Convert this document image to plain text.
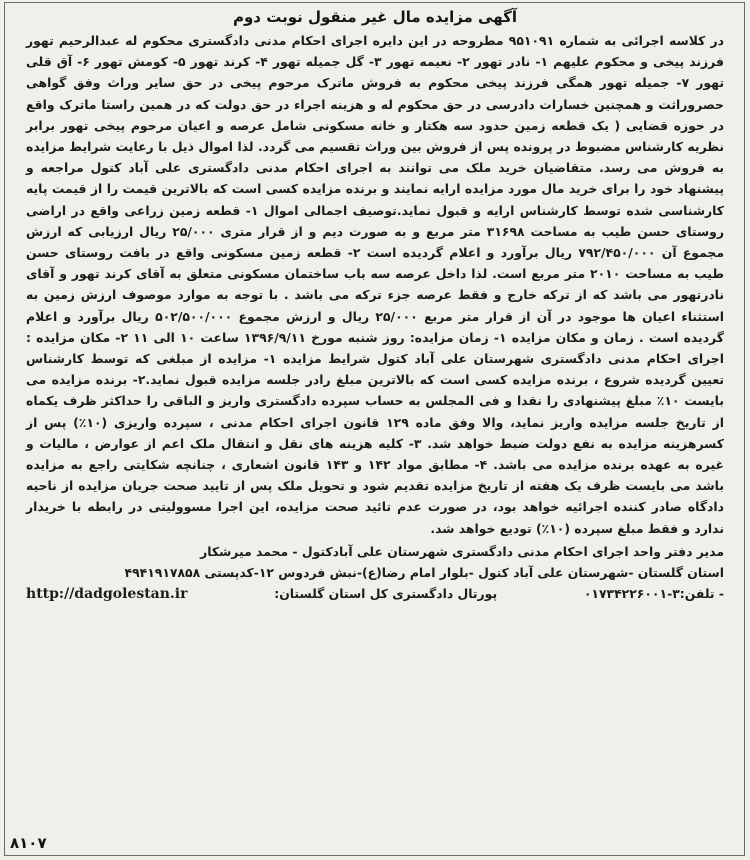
آگهی مزایده مال غیر منقول نوبت دوم

در کلاسه اجرائی به شماره ۹۵۱۰۹۱ مطروحه در این دایره اجرای احکام مدنی دادگستری محکوم له عبدالرحیم تهور فرزند پیخی و محکوم علیهم ۱- نادر تهور ۲- نعیمه تهور ۳- گل جمیله تهور ۴- کرند تهور ۵- کومش تهور ۶- آق قلی تهور ۷- جمیله تهور همگی فرزند پیخی محکوم به فروش ماترک مرحوم پیخی در حق سایر وراث وفق گواهی حصروراثت و همچنین خسارات دادرسی در حق محکوم له و هزینه اجراء در حق دولت که در همین راستا ماترک واقع در حوزه قضایی ( یک قطعه زمین حدود سه هکتار و خانه مسکونی شامل عرصه و اعیان مرحوم پیخی تهور برابر نظریه کارشناس مضبوط در پرونده پس از فروش بین وراث تقسیم می گردد. لذا اموال ذیل با رعایت شرایط مزایده به فروش می رسد. متقاضیان خرید ملک می توانند به اجرای احکام مدنی دادگستری علی آباد کتول مراجعه و پیشنهاد خود را برای خرید مال مورد مزایده ارایه نمایند و برنده مزایده کسی است که بالاترین قیمت را از قیمت پایه کارشناسی شده توسط کارشناس ارایه و قبول نماید.توصیف اجمالی اموال ۱- قطعه زمین زراعی واقع در اراضی روستای حسن طیب به مساحت ۳۱۶۹۸ متر مربع و به صورت دیم و از قرار متری ۲۵/۰۰۰ ریال ارزیابی که ارزش مجموع آن ۷۹۲/۴۵۰/۰۰۰ ریال برآورد و اعلام گردیده است ۲- قطعه زمین مسکونی واقع در بافت روستای حسن طیب به مساحت ۲۰۱۰ متر مربع است. لذا داخل عرصه سه باب ساختمان مسکونی متعلق به آقای کرند تهور و آقای نادرتهور می باشد که از ترکه خارج و فقط عرصه جزء ترکه می باشد . با توجه به موارد موصوف ارزش زمین به استثناء اعیان ها موجود در آن از قرار متر مربع ۲۵/۰۰۰ ریال و ارزش مجموع ۵۰۲/۵۰۰/۰۰۰ ریال برآورد و اعلام گردیده است . زمان و مکان مزایده ۱- زمان مزایده: روز شنبه مورخ ۱۳۹۶/۹/۱۱ ساعت ۱۰ الی ۱۱ ۲- مکان مزایده : اجرای احکام مدنی دادگستری شهرستان علی آباد کتول شرایط مزایده ۱- مزایده از مبلغی که توسط کارشناس تعیین گردیده شروع ، برنده مزایده کسی است که بالاترین مبلغ رادر جلسه مزایده قبول نماید.۲- برنده مزایده می بایست ۱۰٪ مبلغ پیشنهادی را نقدا و فی المجلس به حساب سپرده دادگستری واریز و الباقی را حداکثر ظرف یکماه از تاریخ جلسه مزایده واریز نماید، والا وفق ماده ۱۲۹ قانون اجرای احکام مدنی ، سپرده واریزی (۱۰٪) پس از کسرهزینه مزایده به نفع دولت ضبط خواهد شد. ۳- کلیه هزینه های نقل و انتقال ملک اعم از عوارض ، مالیات و غیره به عهده برنده مزایده می باشد. ۴- مطابق مواد ۱۴۲ و ۱۴۳ قانون اشعاری ، چنانچه شکایتی راجع به مزایده باشد می بایست ظرف یک هفته از تاریخ مزایده تقدیم شود و تحویل ملک پس از تایید صحت جریان مزایده از ناحیه دادگاه صادر کننده اجرائیه خواهد بود، در صورت عدم تائید صحت مزایده، این اجرا مسوولیتی در رابطه با خریدار ندارد و فقط مبلغ سپرده (۱۰٪) تودیع خواهد شد.

مدیر دفتر واحد اجرای احکام مدنی دادگستری شهرستان علی آبادکتول - محمد میرشکار
استان گلستان -شهرستان علی آباد کتول -بلوار امام رضا(ع)-نبش فردوس ۱۲-کدپستی ۴۹۴۱۹۱۷۸۵۸
- تلفن:۳-۰۱۷۳۴۲۲۶۰۰۱
پورتال دادگستری کل استان گلستان:
http://dadgolestan.ir
۸۱۰۷
